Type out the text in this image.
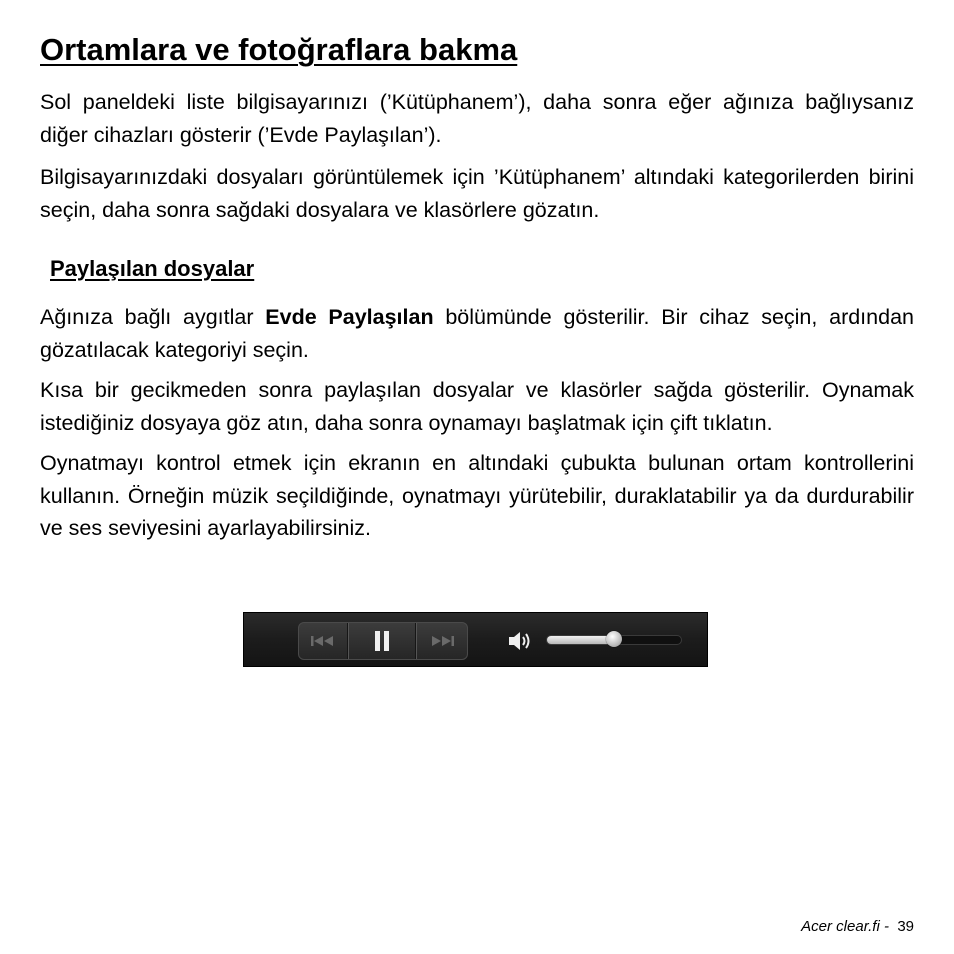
Ortamlara ve fotoğraflara bakma

Sol paneldeki liste bilgisayarınızı (’Kütüphanem’), daha sonra eğer ağınıza bağlıysanız diğer cihazları gösterir (’Evde Paylaşılan’).

Bilgisayarınızdaki dosyaları görüntülemek için ’Kütüphanem’ altındaki kategorilerden birini seçin, daha sonra sağdaki dosyalara ve klasörlere gözatın.

Paylaşılan dosyalar

Ağınıza bağlı aygıtlar Evde Paylaşılan bölümünde gösterilir. Bir cihaz seçin, ardından gözatılacak kategoriyi seçin.

Kısa bir gecikmeden sonra paylaşılan dosyalar ve klasörler sağda gösterilir. Oynamak istediğiniz dosyaya göz atın, daha sonra oynamayı başlatmak için çift tıklatın.

Oynatmayı kontrol etmek için ekranın en altındaki çubukta bulunan ortam kontrollerini kullanın. Örneğin müzik seçildiğinde, oynatmayı yürütebilir, duraklatabilir ya da durdurabilir ve ses seviyesini ayarlayabilirsiniz.

Acer clear.fi - 39
